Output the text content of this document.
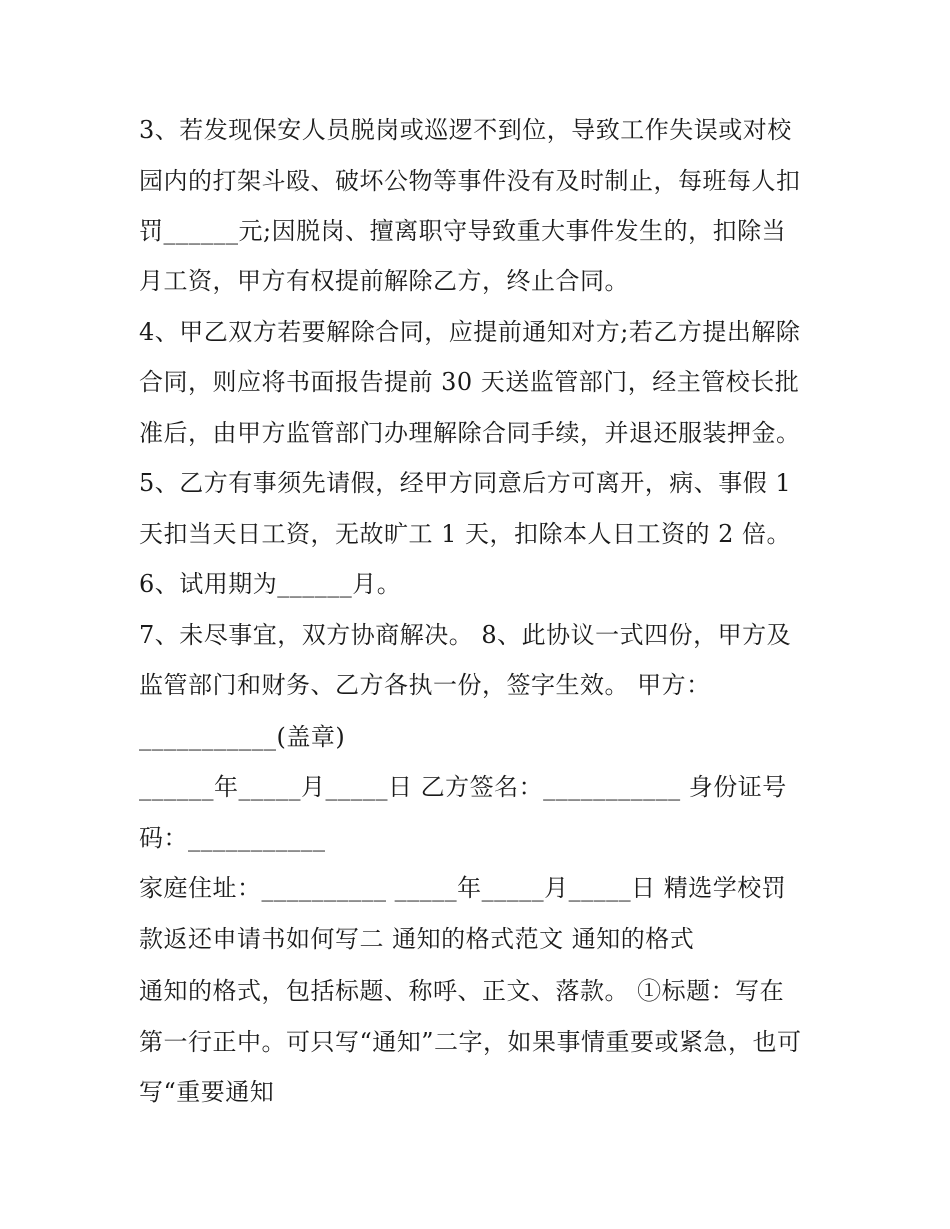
3、若发现保安人员脱岗或巡逻不到位，导致工作失误或对校
园内的打架斗殴、破坏公物等事件没有及时制止，每班每人扣
罚______元;因脱岗、擅离职守导致重大事件发生的，扣除当
月工资，甲方有权提前解除乙方，终止合同。
4、甲乙双方若要解除合同，应提前通知对方;若乙方提出解除
合同，则应将书面报告提前 30 天送监管部门，经主管校长批
准后，由甲方监管部门办理解除合同手续，并退还服装押金。
5、乙方有事须先请假，经甲方同意后方可离开，病、事假 1
天扣当天日工资，无故旷工 1 天，扣除本人日工资的 2 倍。
6、试用期为______月。
7、未尽事宜，双方协商解决。 8、此协议一式四份，甲方及
监管部门和财务、乙方各执一份，签字生效。 甲方：
___________(盖章)
______年_____月_____日 乙方签名：___________ 身份证号
码：___________
家庭住址：__________ _____年_____月_____日 精选学校罚
款返还申请书如何写二 通知的格式范文 通知的格式
通知的格式，包括标题、称呼、正文、落款。 ①标题：写在
第一行正中。可只写“通知”二字，如果事情重要或紧急，也可
写“重要通知
